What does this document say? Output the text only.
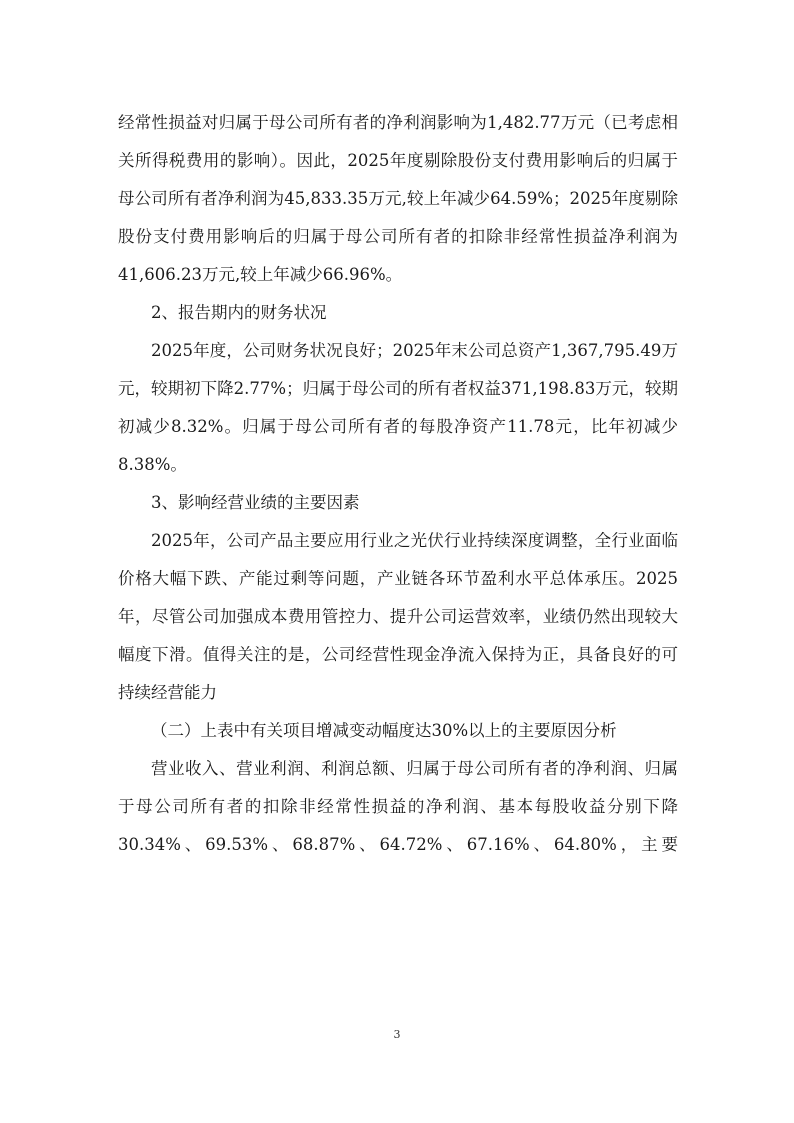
经常性损益对归属于母公司所有者的净利润影响为1,482.77万元（已考虑相关所得税费用的影响）。因此，2025年度剔除股份支付费用影响后的归属于母公司所有者净利润为45,833.35万元,较上年减少64.59%；2025年度剔除股份支付费用影响后的归属于母公司所有者的扣除非经常性损益净利润为41,606.23万元,较上年减少66.96%。

2、报告期内的财务状况

2025年度，公司财务状况良好；2025年末公司总资产1,367,795.49万元，较期初下降2.77%；归属于母公司的所有者权益371,198.83万元，较期初减少8.32%。归属于母公司所有者的每股净资产11.78元，比年初减少8.38%。

3、影响经营业绩的主要因素

2025年，公司产品主要应用行业之光伏行业持续深度调整，全行业面临价格大幅下跌、产能过剩等问题，产业链各环节盈利水平总体承压。2025年，尽管公司加强成本费用管控力、提升公司运营效率，业绩仍然出现较大幅度下滑。值得关注的是，公司经营性现金净流入保持为正，具备良好的可持续经营能力

（二）上表中有关项目增减变动幅度达30%以上的主要原因分析

营业收入、营业利润、利润总额、归属于母公司所有者的净利润、归属于母公司所有者的扣除非经常性损益的净利润、基本每股收益分别下降30.34%、69.53%、68.87%、64.72%、67.16%、64.80%，主要

3
